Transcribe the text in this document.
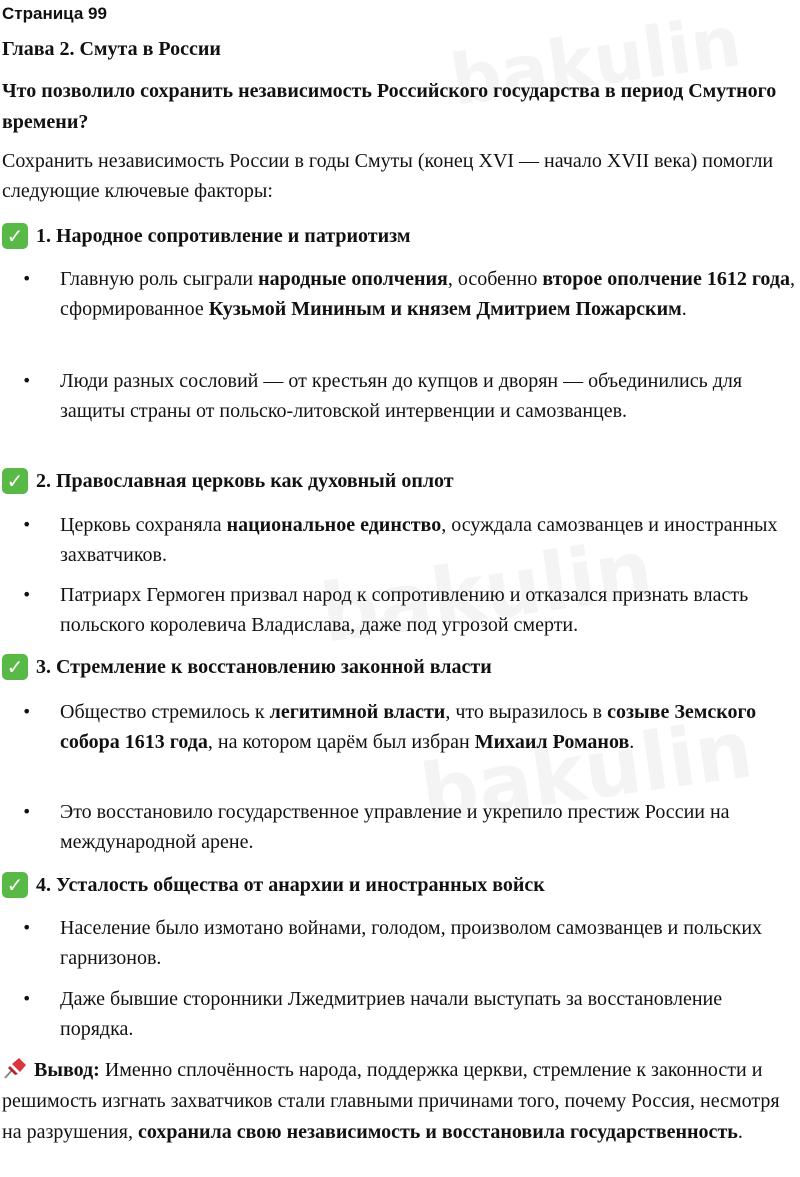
Страница 99
Глава 2. Смута в России
Что позволило сохранить независимость Российского государства в период Смутного времени?
Сохранить независимость России в годы Смуты (конец XVI — начало XVII века) помогли следующие ключевые факторы:
✓ 1. Народное сопротивление и патриотизм
•	Главную роль сыграли народные ополчения, особенно второе ополчение 1612 года, сформированное Кузьмой Мининым и князем Дмитрием Пожарским.
•	Люди разных сословий — от крестьян до купцов и дворян — объединились для защиты страны от польско-литовской интервенции и самозванцев.
✓ 2. Православная церковь как духовный оплот
•	Церковь сохраняла национальное единство, осуждала самозванцев и иностранных захватчиков.
•	Патриарх Гермоген призвал народ к сопротивлению и отказался признать власть польского королевича Владислава, даже под угрозой смерти.
✓ 3. Стремление к восстановлению законной власти
•	Общество стремилось к легитимной власти, что выразилось в созыве Земского собора 1613 года, на котором царём был избран Михаил Романов.
•	Это восстановило государственное управление и укрепило престиж России на международной арене.
✓ 4. Усталость общества от анархии и иностранных войск
•	Население было измотано войнами, голодом, произволом самозванцев и польских гарнизонов.
•	Даже бывшие сторонники Лжедмитриев начали выступать за восстановление порядка.
Вывод: Именно сплочённость народа, поддержка церкви, стремление к законности и решимость изгнать захватчиков стали главными причинами того, почему Россия, несмотря на разрушения, сохранила свою независимость и восстановила государственность.
